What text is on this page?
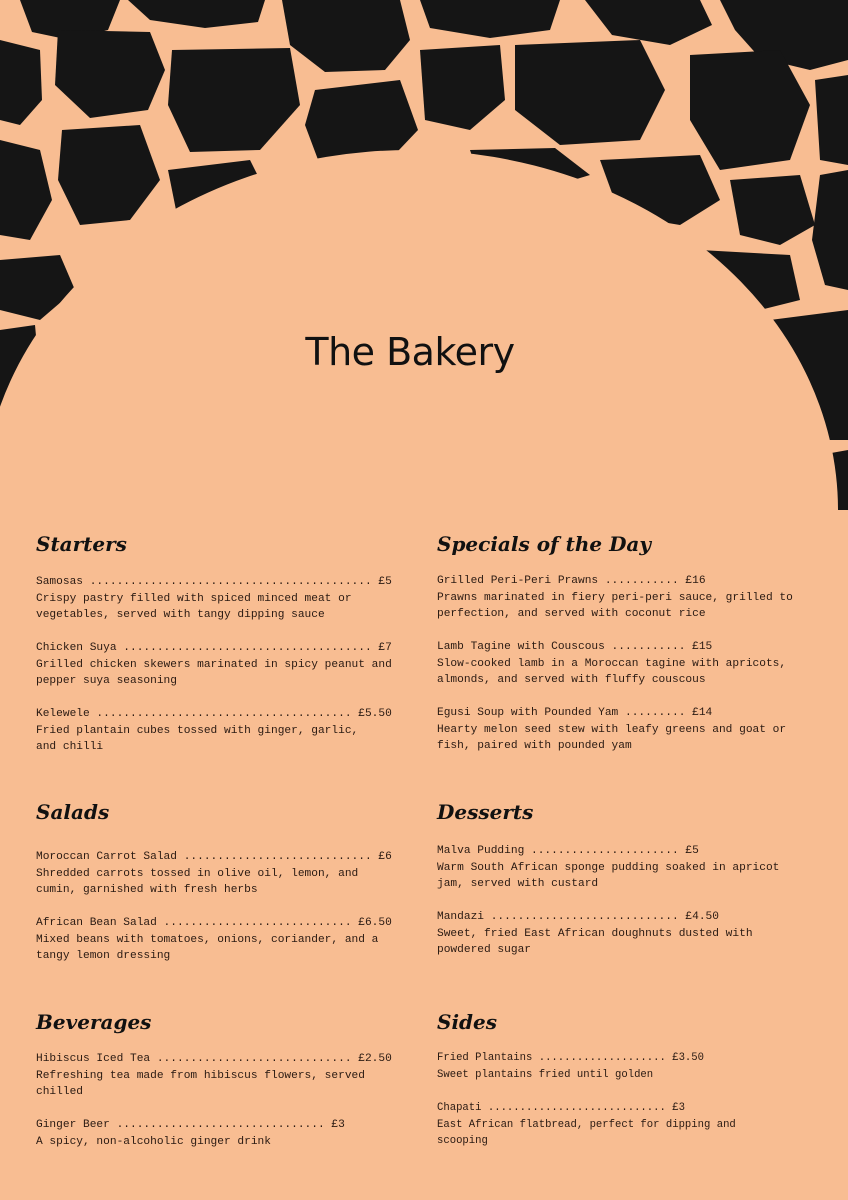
The Bakery
Starters
Samosas .......................................... £5
Crispy pastry filled with spiced minced meat or vegetables, served with tangy dipping sauce
Chicken Suya ..................................... £7
Grilled chicken skewers marinated in spicy peanut and pepper suya seasoning
Kelewele ...................................... £5.50
Fried plantain cubes tossed with ginger, garlic, and chilli
Specials of the Day
Grilled Peri-Peri Prawns ........... £16
Prawns marinated in fiery peri-peri sauce, grilled to perfection, and served with coconut rice
Lamb Tagine with Couscous ........... £15
Slow-cooked lamb in a Moroccan tagine with apricots, almonds, and served with fluffy couscous
Egusi Soup with Pounded Yam ......... £14
Hearty melon seed stew with leafy greens and goat or fish, paired with pounded yam
Salads
Moroccan Carrot Salad ............................ £6
Shredded carrots tossed in olive oil, lemon, and cumin, garnished with fresh herbs
African Bean Salad ............................ £6.50
Mixed beans with tomatoes, onions, coriander, and a tangy lemon dressing
Desserts
Malva Pudding ...................... £5
Warm South African sponge pudding soaked in apricot jam, served with custard
Mandazi ............................ £4.50
Sweet, fried East African doughnuts dusted with powdered sugar
Beverages
Hibiscus Iced Tea ............................. £2.50
Refreshing tea made from hibiscus flowers, served chilled
Ginger Beer ............................... £3
A spicy, non-alcoholic ginger drink
Sides
Fried Plantains .................... £3.50
Sweet plantains fried until golden
Chapati ............................ £3
East African flatbread, perfect for dipping and scooping
